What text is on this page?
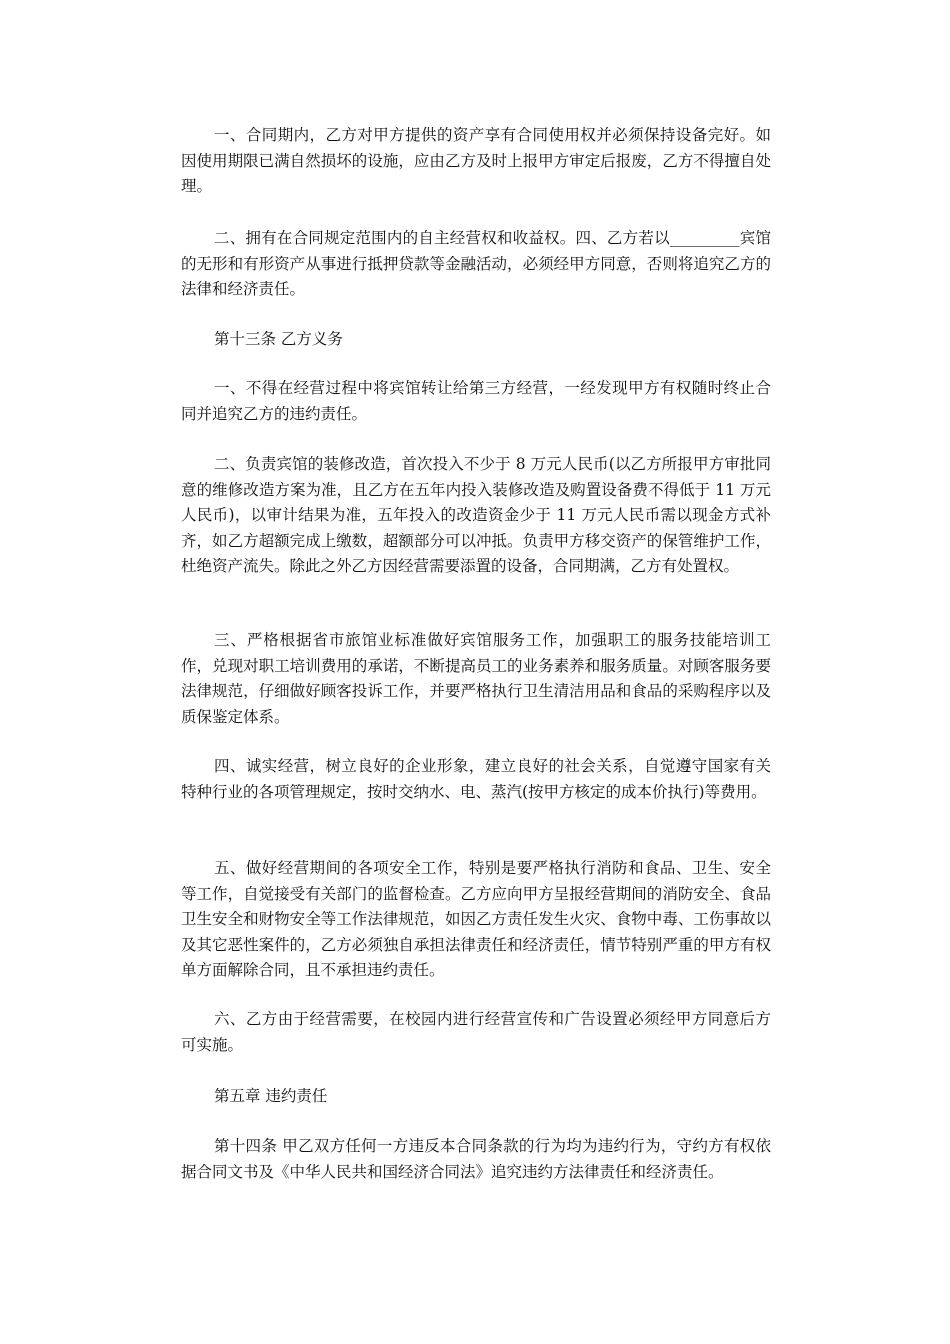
一、合同期内，乙方对甲方提供的资产享有合同使用权并必须保持设备完好。如因使用期限已满自然损坏的设施，应由乙方及时上报甲方审定后报废，乙方不得擅自处理。

二、拥有在合同规定范围内的自主经营权和收益权。四、乙方若以_________宾馆的无形和有形资产从事进行抵押贷款等金融活动，必须经甲方同意，否则将追究乙方的法律和经济责任。

第十三条 乙方义务

一、不得在经营过程中将宾馆转让给第三方经营，一经发现甲方有权随时终止合同并追究乙方的违约责任。

二、负责宾馆的装修改造，首次投入不少于 8 万元人民币(以乙方所报甲方审批同意的维修改造方案为准，且乙方在五年内投入装修改造及购置设备费不得低于 11 万元人民币)，以审计结果为准，五年投入的改造资金少于 11 万元人民币需以现金方式补齐，如乙方超额完成上缴数，超额部分可以冲抵。负责甲方移交资产的保管维护工作，杜绝资产流失。除此之外乙方因经营需要添置的设备，合同期满，乙方有处置权。

三、严格根据省市旅馆业标准做好宾馆服务工作，加强职工的服务技能培训工作，兑现对职工培训费用的承诺，不断提高员工的业务素养和服务质量。对顾客服务要法律规范，仔细做好顾客投诉工作，并要严格执行卫生清洁用品和食品的采购程序以及质保鉴定体系。

四、诚实经营，树立良好的企业形象，建立良好的社会关系，自觉遵守国家有关特种行业的各项管理规定，按时交纳水、电、蒸汽(按甲方核定的成本价执行)等费用。

五、做好经营期间的各项安全工作，特别是要严格执行消防和食品、卫生、安全等工作，自觉接受有关部门的监督检查。乙方应向甲方呈报经营期间的消防安全、食品卫生安全和财物安全等工作法律规范，如因乙方责任发生火灾、食物中毒、工伤事故以及其它恶性案件的，乙方必须独自承担法律责任和经济责任，情节特别严重的甲方有权单方面解除合同，且不承担违约责任。

六、乙方由于经营需要，在校园内进行经营宣传和广告设置必须经甲方同意后方可实施。

第五章 违约责任

第十四条 甲乙双方任何一方违反本合同条款的行为均为违约行为，守约方有权依据合同文书及《中华人民共和国经济合同法》追究违约方法律责任和经济责任。
